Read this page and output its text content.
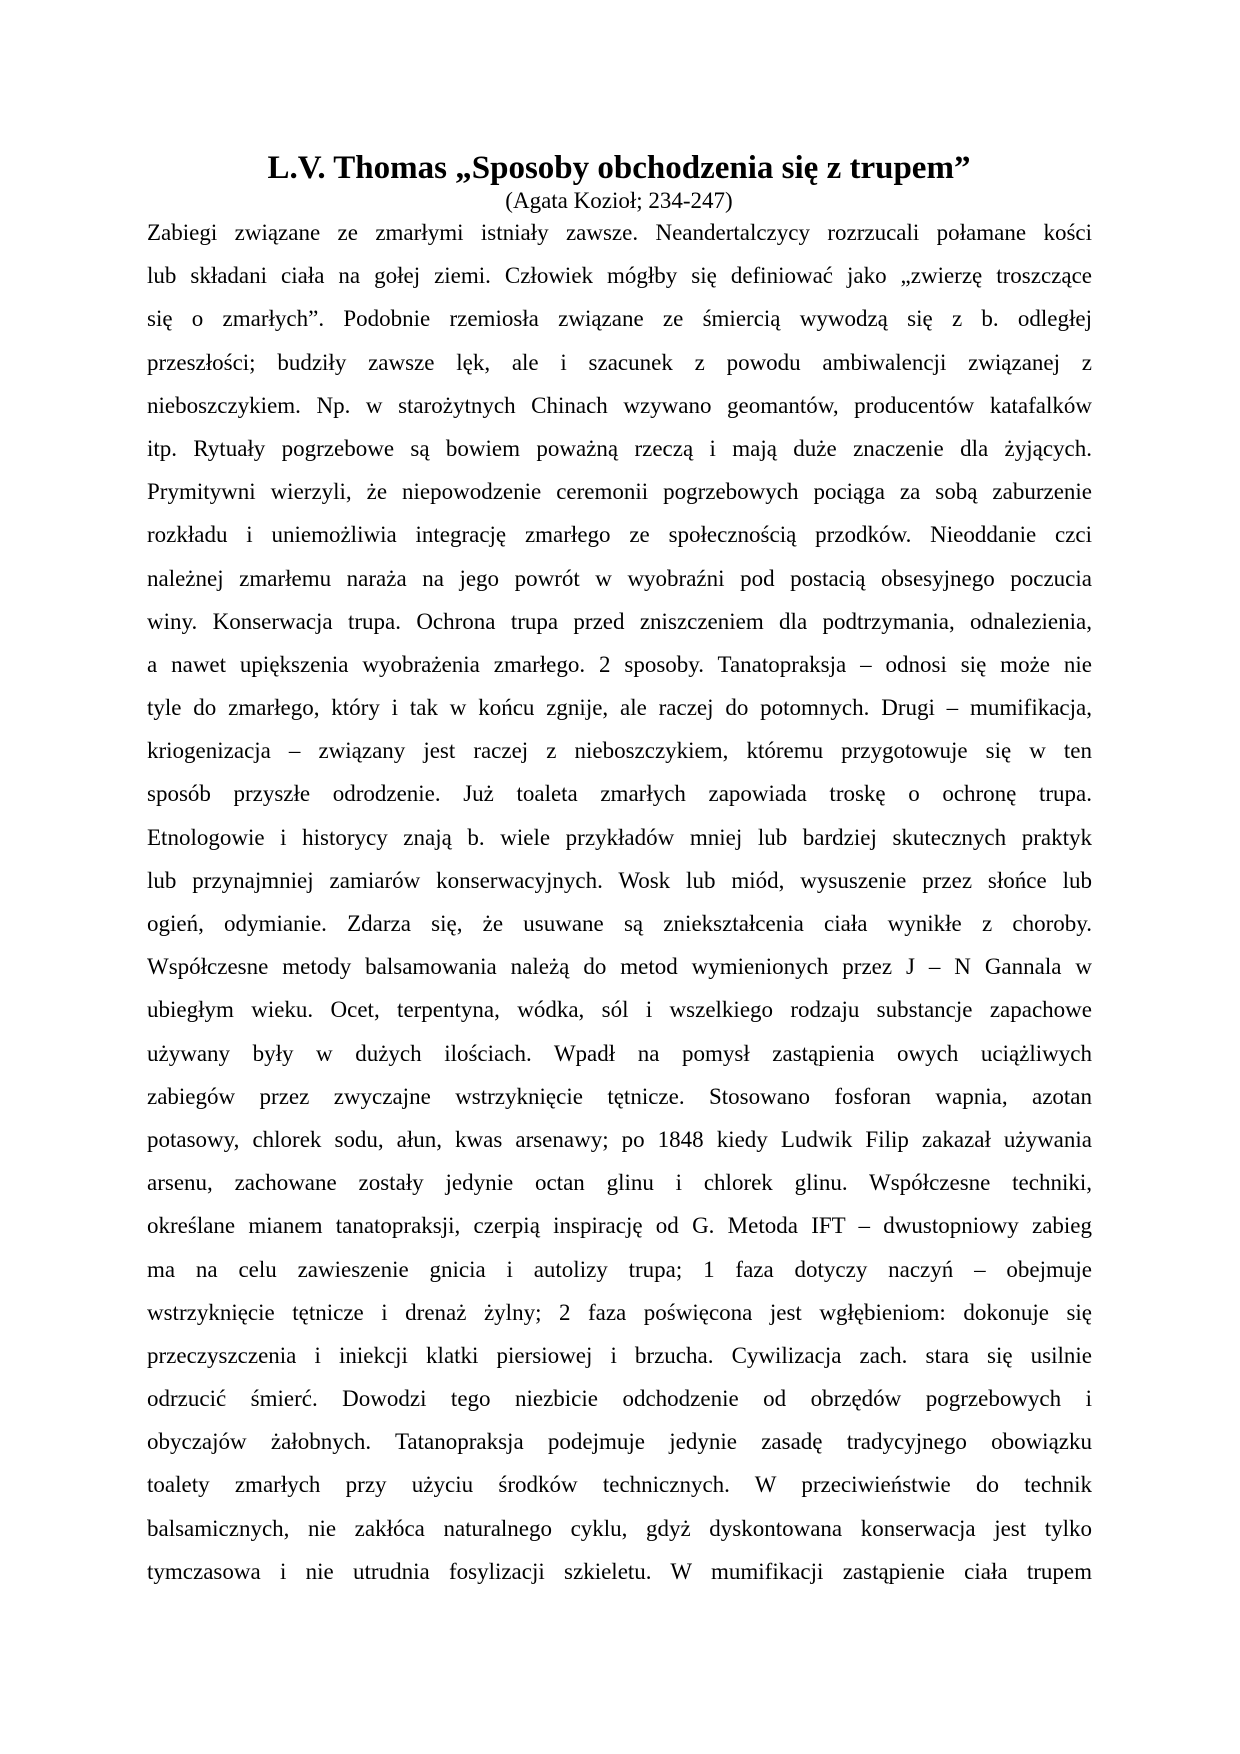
L.V. Thomas „Sposoby obchodzenia się z trupem”
(Agata Kozioł; 234-247)
Zabiegi związane ze zmarłymi istniały zawsze. Neandertalczycy rozrzucali połamane kości
lub składani ciała na gołej ziemi. Człowiek mógłby się definiować jako „zwierzę troszczące
się o zmarłych”. Podobnie rzemiosła związane ze śmiercią wywodzą się z b. odległej
przeszłości; budziły zawsze lęk, ale i szacunek z powodu ambiwalencji związanej z
nieboszczykiem. Np. w starożytnych Chinach wzywano geomantów, producentów katafalków
itp. Rytuały pogrzebowe są bowiem poważną rzeczą i mają duże znaczenie dla żyjących.
Prymitywni wierzyli, że niepowodzenie ceremonii pogrzebowych pociąga za sobą zaburzenie
rozkładu i uniemożliwia integrację zmarłego ze społecznością przodków. Nieoddanie czci
należnej zmarłemu naraża na jego powrót w wyobraźni pod postacią obsesyjnego poczucia
winy. Konserwacja trupa. Ochrona trupa przed zniszczeniem dla podtrzymania, odnalezienia,
a nawet upiększenia wyobrażenia zmarłego. 2 sposoby. Tanatopraksja – odnosi się może nie
tyle do zmarłego, który i tak w końcu zgnije, ale raczej do potomnych. Drugi – mumifikacja,
kriogenizacja – związany jest raczej z nieboszczykiem, któremu przygotowuje się w ten
sposób przyszłe odrodzenie. Już toaleta zmarłych zapowiada troskę o ochronę trupa.
Etnologowie i historycy znają b. wiele przykładów mniej lub bardziej skutecznych praktyk
lub przynajmniej zamiarów konserwacyjnych. Wosk lub miód, wysuszenie przez słońce lub
ogień, odymianie. Zdarza się, że usuwane są zniekształcenia ciała wynikłe z choroby.
Współczesne metody balsamowania należą do metod wymienionych przez J – N Gannala w
ubiegłym wieku. Ocet, terpentyna, wódka, sól i wszelkiego rodzaju substancje zapachowe
używany były w dużych ilościach. Wpadł na pomysł zastąpienia owych uciążliwych
zabiegów przez zwyczajne wstrzyknięcie tętnicze. Stosowano fosforan wapnia, azotan
potasowy, chlorek sodu, ałun, kwas arsenawy; po 1848 kiedy Ludwik Filip zakazał używania
arsenu, zachowane zostały jedynie octan glinu i chlorek glinu. Współczesne techniki,
określane mianem tanatopraksji, czerpią inspirację od G. Metoda IFT – dwustopniowy zabieg
ma na celu zawieszenie gnicia i autolizy trupa; 1 faza dotyczy naczyń – obejmuje
wstrzyknięcie tętnicze i drenaż żylny; 2 faza poświęcona jest wgłębieniom: dokonuje się
przeczyszczenia i iniekcji klatki piersiowej i brzucha. Cywilizacja zach. stara się usilnie
odrzucić śmierć. Dowodzi tego niezbicie odchodzenie od obrzędów pogrzebowych i
obyczajów żałobnych. Tatanopraksja podejmuje jedynie zasadę tradycyjnego obowiązku
toalety zmarłych przy użyciu środków technicznych. W przeciwieństwie do technik
balsamicznych, nie zakłóca naturalnego cyklu, gdyż dyskontowana konserwacja jest tylko
tymczasowa i nie utrudnia fosylizacji szkieletu. W mumifikacji zastąpienie ciała trupem
